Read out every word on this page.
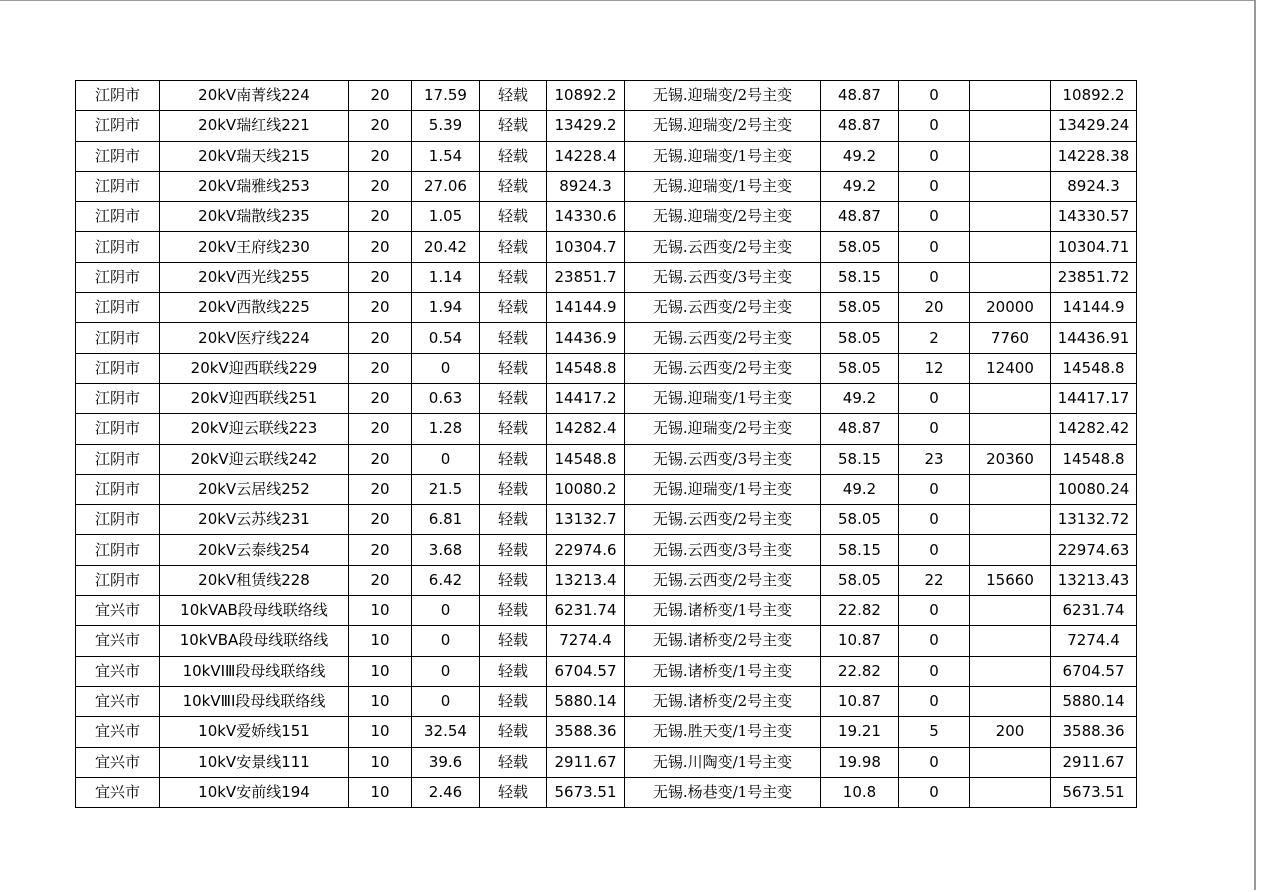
江阴市	20kV南菁线224	20	17.59	轻载	10892.2	无锡.迎瑞变/2号主变	48.87	0		10892.2
江阴市	20kV瑞红线221	20	5.39	轻载	13429.2	无锡.迎瑞变/2号主变	48.87	0		13429.24
江阴市	20kV瑞天线215	20	1.54	轻载	14228.4	无锡.迎瑞变/1号主变	49.2	0		14228.38
江阴市	20kV瑞雅线253	20	27.06	轻载	8924.3	无锡.迎瑞变/1号主变	49.2	0		8924.3
江阴市	20kV瑞散线235	20	1.05	轻载	14330.6	无锡.迎瑞变/2号主变	48.87	0		14330.57
江阴市	20kV王府线230	20	20.42	轻载	10304.7	无锡.云西变/2号主变	58.05	0		10304.71
江阴市	20kV西光线255	20	1.14	轻载	23851.7	无锡.云西变/3号主变	58.15	0		23851.72
江阴市	20kV西散线225	20	1.94	轻载	14144.9	无锡.云西变/2号主变	58.05	20	20000	14144.9
江阴市	20kV医疗线224	20	0.54	轻载	14436.9	无锡.云西变/2号主变	58.05	2	7760	14436.91
江阴市	20kV迎西联线229	20	0	轻载	14548.8	无锡.云西变/2号主变	58.05	12	12400	14548.8
江阴市	20kV迎西联线251	20	0.63	轻载	14417.2	无锡.迎瑞变/1号主变	49.2	0		14417.17
江阴市	20kV迎云联线223	20	1.28	轻载	14282.4	无锡.迎瑞变/2号主变	48.87	0		14282.42
江阴市	20kV迎云联线242	20	0	轻载	14548.8	无锡.云西变/3号主变	58.15	23	20360	14548.8
江阴市	20kV云居线252	20	21.5	轻载	10080.2	无锡.迎瑞变/1号主变	49.2	0		10080.24
江阴市	20kV云苏线231	20	6.81	轻载	13132.7	无锡.云西变/2号主变	58.05	0		13132.72
江阴市	20kV云泰线254	20	3.68	轻载	22974.6	无锡.云西变/3号主变	58.15	0		22974.63
江阴市	20kV租赁线228	20	6.42	轻载	13213.4	无锡.云西变/2号主变	58.05	22	15660	13213.43
宜兴市	10kVAB段母线联络线	10	0	轻载	6231.74	无锡.诸桥变/1号主变	22.82	0		6231.74
宜兴市	10kVBA段母线联络线	10	0	轻载	7274.4	无锡.诸桥变/2号主变	10.87	0		7274.4
宜兴市	10kVⅠⅢ段母线联络线	10	0	轻载	6704.57	无锡.诸桥变/1号主变	22.82	0		6704.57
宜兴市	10kVⅢⅠ段母线联络线	10	0	轻载	5880.14	无锡.诸桥变/2号主变	10.87	0		5880.14
宜兴市	10kV爱娇线151	10	32.54	轻载	3588.36	无锡.胜天变/1号主变	19.21	5	200	3588.36
宜兴市	10kV安景线111	10	39.6	轻载	2911.67	无锡.川陶变/1号主变	19.98	0		2911.67
宜兴市	10kV安前线194	10	2.46	轻载	5673.51	无锡.杨巷变/1号主变	10.8	0		5673.51
